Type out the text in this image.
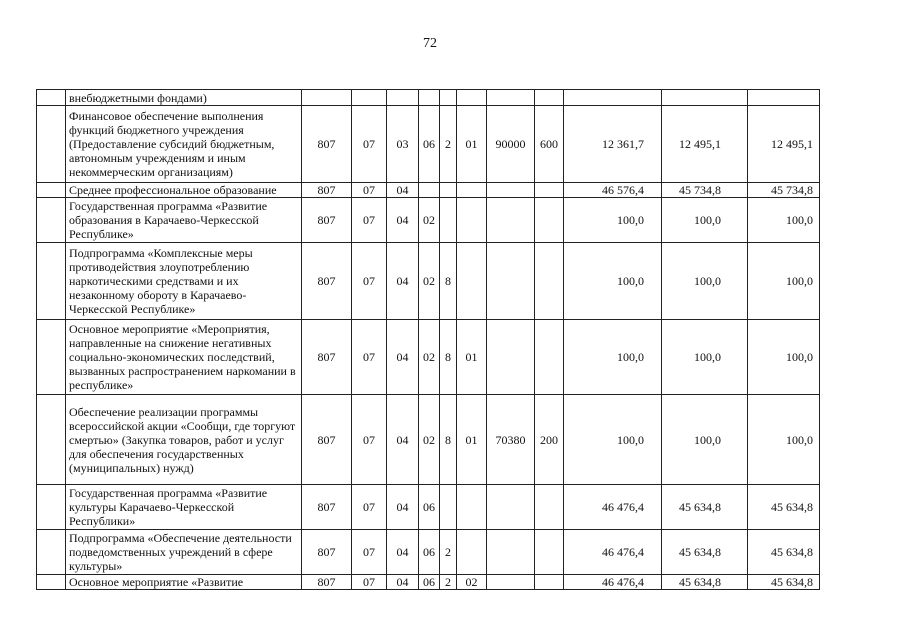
72
	внебюджетными фондами)											
	Финансовое обеспечение выполнения функций бюджетного учреждения (Предоставление субсидий бюджетным, автономным учреждениям и иным некоммерческим организациям)	807	07	03	06	2	01	90000	600	12 361,7	12 495,1	12 495,1
	Среднее профессиональное образование	807	07	04						46 576,4	45 734,8	45 734,8
	Государственная программа «Развитие образования в Карачаево-Черкесской Республике»	807	07	04	02					100,0	100,0	100,0
	Подпрограмма «Комплексные меры противодействия злоупотреблению наркотическими средствами и их незаконному обороту в Карачаево-Черкесской Республике»	807	07	04	02	8				100,0	100,0	100,0
	Основное мероприятие «Мероприятия, направленные на снижение негативных социально-экономических последствий, вызванных распространением наркомании в республике»	807	07	04	02	8	01			100,0	100,0	100,0
	Обеспечение реализации программы всероссийской акции «Сообщи, где торгуют смертью» (Закупка товаров, работ и услуг для обеспечения государственных (муниципальных) нужд)	807	07	04	02	8	01	70380	200	100,0	100,0	100,0
	Государственная программа «Развитие культуры Карачаево-Черкесской Республики»	807	07	04	06					46 476,4	45 634,8	45 634,8
	Подпрограмма «Обеспечение деятельности подведомственных учреждений в сфере культуры»	807	07	04	06	2				46 476,4	45 634,8	45 634,8
	Основное мероприятие «Развитие	807	07	04	06	2	02			46 476,4	45 634,8	45 634,8
